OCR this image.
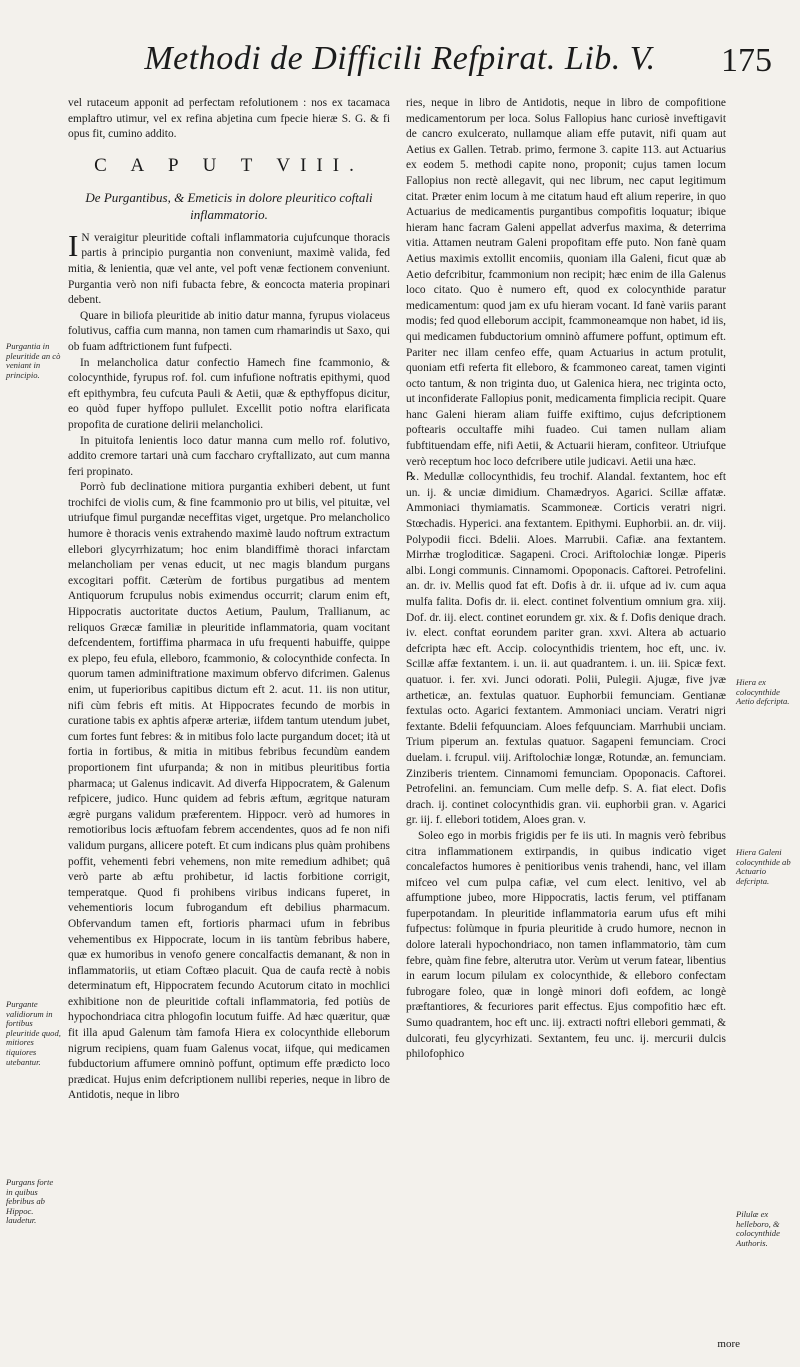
Methodi de Difficili Refpirat. Lib. V.	175
Purgantia in pleuritide an cò veniant in principio.
Purgante validiorum in fortibus pleuritide quod, mitiores tiquiores utebantur.
Purgans forte in quibus febribus ab Hippoc. laudetur.

vel rutaceum apponit ad perfectam refolutionem : nos ex tacamaca emplaftro utimur, vel ex refina abjetina cum fpecie hieræ S. G. & fi opus fit, cumino addito.

C A P U T VIII.
De Purgantibus, & Emeticis in dolore pleuritico coftali inflammatorio.

IN veraigitur pleuritide coftali inflammatoria cujufcunque thoracis partis à principio purgantia non conveniunt, maximè valida, fed mitia, & lenientia, quæ vel ante, vel poft venæ fectionem conveniunt. Purgantia verò non nifi fubacta febre, & eoncocta materia propinari debent.

Quare in biliofa pleuritide ab initio datur manna, fyrupus violaceus folutivus, caffia cum manna, non tamen cum rhamarindis ut Saxo, qui ob fuam adftrictionem funt fufpecti.

In melancholica datur confectio Hamech fine fcammonio, & colocynthide, fyrupus rof. fol. cum infufione noftratis epithymi, quod eft epithymbra, feu cufcuta Pauli & Aetii, quæ & epthyffopus dicitur, eo quòd fuper hyffopo pullulet. Excellit potio noftra elarificata propofita de curatione delirii melancholici.

In pituitofa lenientis loco datur manna cum mello rof. folutivo, addito cremore tartari unà cum faccharo cryftallizato, aut cum manna feri propinato.

Porrò fub declinatione mitiora purgantia exhiberi debent, ut funt trochifci de violis cum, & fine fcammonio pro ut bilis, vel pituitæ, vel utriufque fimul purgandæ neceffitas viget, urgetque. Pro melancholico humore è thoracis venis extrahendo maximè laudo noftrum extractum ellebori glycyrrhizatum; hoc enim blandiffimè thoraci infarctam melancholiam per venas educit, ut nec magis blandum purgans excogitari poffit. Cæterùm de fortibus purgatibus ad mentem Antiquorum fcrupulus nobis eximendus occurrit; clarum enim eft, Hippocratis auctoritate ductos Aetium, Paulum, Trallianum, ac reliquos Græcæ familiæ in pleuritide inflammatoria, quam vocitant defcendentem, fortiffima pharmaca in ufu frequenti habuiffe, quippe ex plepo, feu efula, elleboro, fcammonio, & colocynthide confecta. In quorum tamen adminiftratione maximum obfervo difcrimen. Galenus enim, ut fuperioribus capitibus dictum eft 2. acut. 11. iis non utitur, nifi cùm febris eft mitis. At Hippocrates fecundo de morbis in curatione tabis ex aphtis afperæ arteriæ, iifdem tantum utendum jubet, cum fortes funt febres: & in mitibus folo lacte purgandum docet; ità ut fortia in fortibus, & mitia in mitibus febribus fecundùm eandem proportionem fint ufurpanda; & non in mitibus pleuritibus fortia pharmaca; ut Galenus indicavit. Ad diverfa Hippocratem, & Galenum refpicere, judico. Hunc quidem ad febris æftum, ægritque naturam ægrè purgans validum præferentem. Hippocr. verò ad humores in remotioribus locis æftuofam febrem accendentes, quos ad fe non nifi validum purgans, allicere poteft. Et cum indicans plus quàm prohibens poffit, vehementi febri vehemens, non mite remedium adhibet; quâ verò parte ab æftu prohibetur, id lactis forbitione corrigit, temperatque. Quod fi prohibens viribus indicans fuperet, in vehementioris locum fubrogandum eft debilius pharmacum. Obfervandum tamen eft, fortioris pharmaci ufum in febribus vehementibus ex Hippocrate, locum in iis tantùm febribus habere, quæ ex humoribus in venofo genere concalfactis demanant, & non in inflammatoriis, ut etiam Coftæo placuit. Qua de caufa rectè à nobis determinatum eft, Hippocratem fecundo Acutorum citato in mochlici exhibitione non de pleuritide coftali inflammatoria, fed potiùs de hypochondriaca citra phlogofin locutum fuiffe. Ad hæc quæritur, quæ fit illa apud Galenum tàm famofa Hiera ex colocynthide elleborum nigrum recipiens, quam fuam Galenus vocat, iifque, qui medicamen fubductorium affumere omninò poffunt, optimum effe prædicto loco prædicat. Hujus enim defcriptionem nullibi reperies, neque in libro de Antidotis, neque in libro

ries, neque in libro de Antidotis, neque in libro de compofitione medicamentorum per loca. Solus Fallopius hanc curiosè inveftigavit de cancro exulcerato, nullamque aliam effe putavit, nifi quam aut Aetius ex Gallen. Tetrab. primo, fermone 3. capite 113. aut Actuarius ex eodem 5. methodi capite nono, proponit; cujus tamen locum Fallopius non rectè allegavit, qui nec librum, nec caput legitimum citat. Præter enim locum à me citatum haud eft alium reperire, in quo Actuarius de medicamentis purgantibus compofitis loquatur; ibique hieram hanc facram Galeni appellat adverfus maxima, & deterrima vitia. Attamen neutram Galeni propofitam effe puto. Non fanè quam Aetius maximis extollit encomiis, quoniam illa Galeni, ficut quæ ab Aetio defcribitur, fcammonium non recipit; hæc enim de illa Galenus loco citato. Quo è numero eft, quod ex colocynthide paratur medicamentum: quod jam ex ufu hieram vocant. Id fanè variis parant modis; fed quod elleborum accipit, fcammoneamque non habet, id iis, qui medicamen fubductorium omninò affumere poffunt, optimum eft. Pariter nec illam cenfeo effe, quam Actuarius in actum protulit, quoniam etfi referta fit elleboro, & fcammoneo careat, tamen viginti octo tantum, & non triginta duo, ut Galenica hiera, nec triginta octo, ut inconfiderate Fallopius ponit, medicamenta fimplicia recipit. Quare hanc Galeni hieram aliam fuiffe exiftimo, cujus defcriptionem poftearis occultaffe mihi fuadeo. Cui tamen nullam aliam fubftituendam effe, nifi Aetii, & Actuarii hieram, confiteor. Utriufque verò receptum hoc loco defcribere utile judicavi. Aetii una hæc.

℞. Medullæ collocynthidis, feu trochif. Alandal. fextantem, hoc eft un. ij. & unciæ dimidium. Chamædryos. Agarici. Scillæ affatæ. Ammoniaci thymiamatis. Scammoneæ. Corticis veratri nigri. Stœchadis. Hyperici. ana fextantem. Epithymi. Euphorbii. an. dr. viij. Polypodii ficci. Bdelii. Aloes. Marrubii. Cafiæ. ana fextantem. Mirrhæ trogloditicæ. Sagapeni. Croci. Ariftolochiæ longæ. Piperis albi. Longi communis. Cinnamomi. Opoponacis. Caftorei. Petrofelini. an. dr. iv. Mellis quod fat eft. Dofis à dr. ii. ufque ad iv. cum aqua mulfa falita. Dofis dr. ii. elect. continet folventium omnium gra. xiij. Dof. dr. iij. elect. continet eorundem gr. xix. & f. Dofis denique drach. iv. elect. conftat eorundem pariter gran. xxvi. Altera ab actuario defcripta hæc eft. Accip. colocynthidis trientem, hoc eft, unc. iv. Scillæ affæ fextantem. i. un. ii. aut quadrantem. i. un. iii. Spicæ fext. quatuor. i. fer. xvi. Junci odorati. Polii, Pulegii. Ajugæ, five jvæ artheticæ, an. fextulas quatuor. Euphorbii femunciam. Gentianæ fextulas octo. Agarici fextantem. Ammoniaci unciam. Veratri nigri fextante. Bdelii fefquunciam. Aloes fefquunciam. Marrhubii unciam. Trium piperum an. fextulas quatuor. Sagapeni femunciam. Croci duelam. i. fcrupul. viij. Ariftolochiæ longæ, Rotundæ, an. femunciam. Zinziberis trientem. Cinnamomi femunciam. Opoponacis. Caftorei. Petrofelini. an. femunciam. Cum melle defp. S. A. fiat elect. Dofis drach. ij. continet colocynthidis gran. vii. euphorbii gran. v. Agarici gr. iij. f. ellebori totidem, Aloes gran. v.

Soleo ego in morbis frigidis per fe iis uti. In magnis verò febribus citra inflammationem extirpandis, in quibus indicatio viget concalefactos humores è penitioribus venis trahendi, hanc, vel illam mifceo vel cum pulpa cafiæ, vel cum elect. lenitivo, vel ab affumptione jubeo, more Hippocratis, lactis ferum, vel ptiffanam fuperpotandam. In pleuritide inflammatoria earum ufus eft mihi fufpectus: folùmque in fpuria pleuritide à crudo humore, necnon in dolore laterali hypochondriaco, non tamen inflammatorio, tàm cum febre, quàm fine febre, alterutra utor. Verùm ut verum fatear, libentius in earum locum pilulam ex colocynthide, & elleboro confectam fubrogare foleo, quæ in longè minori dofi eofdem, ac longè præftantiores, & fecuriores parit effectus. Ejus compofitio hæc eft. Sumo quadrantem, hoc eft unc. iij. extracti noftri ellebori gemmati, & dulcorati, feu glycyrhizati. Sextantem, feu unc. ij. mercurii dulcis philofophico

Hiera ex colocynthide Aetio defcripta.
Hiera Galeni colocynthide ab Actuario defcripta.
Pilulæ ex helleboro, & colocynthide Authoris.
more
